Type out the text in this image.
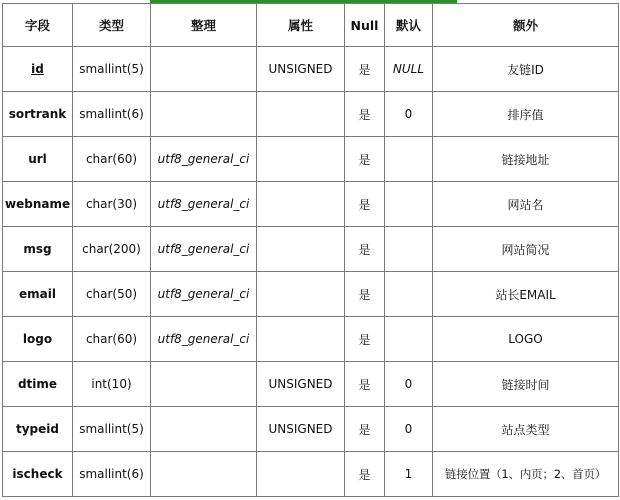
字段	类型	整理	属性	Null	默认	额外
id	smallint(5)		UNSIGNED	是	NULL	友链ID
sortrank	smallint(6)			是	0	排序值
url	char(60)	utf8_general_ci		是		链接地址
webname	char(30)	utf8_general_ci		是		网站名
msg	char(200)	utf8_general_ci		是		网站简况
email	char(50)	utf8_general_ci		是		站长EMAIL
logo	char(60)	utf8_general_ci		是		LOGO
dtime	int(10)		UNSIGNED	是	0	链接时间
typeid	smallint(5)		UNSIGNED	是	0	站点类型
ischeck	smallint(6)			是	1	链接位置（1、内页；2、首页）
